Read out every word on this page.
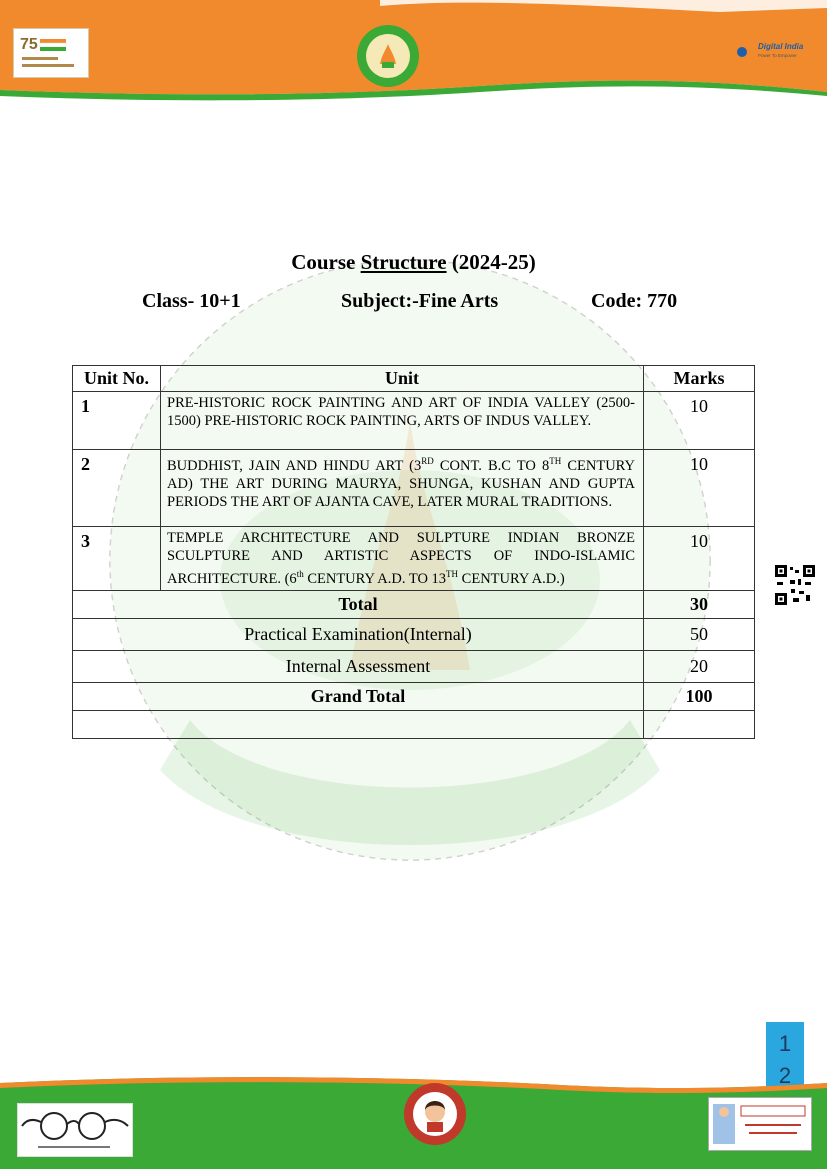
75	Digital India
Power To Empower
Course Structure (2024-25)
Class- 10+1	Subject:-Fine Arts	Code: 770
Unit No.	Unit	Marks
1	PRE-HISTORIC ROCK PAINTING AND ART OF INDIA VALLEY (2500-1500) PRE-HISTORIC ROCK PAINTING, ARTS OF INDUS VALLEY.	10
2	BUDDHIST, JAIN AND HINDU ART (3RD CONT. B.C TO 8TH CENTURY AD) THE ART DURING MAURYA, SHUNGA, KUSHAN AND GUPTA PERIODS THE ART OF AJANTA CAVE, LATER MURAL TRADITIONS.	10
3	TEMPLE ARCHITECTURE AND SULPTURE INDIAN BRONZE SCULPTURE AND ARTISTIC ASPECTS OF INDO-ISLAMIC ARCHITECTURE. (6th CENTURY A.D. TO 13TH CENTURY A.D.)	10
Total		30
Practical Examination(Internal)		50
Internal Assessment		20
Grand Total		100

1
2
